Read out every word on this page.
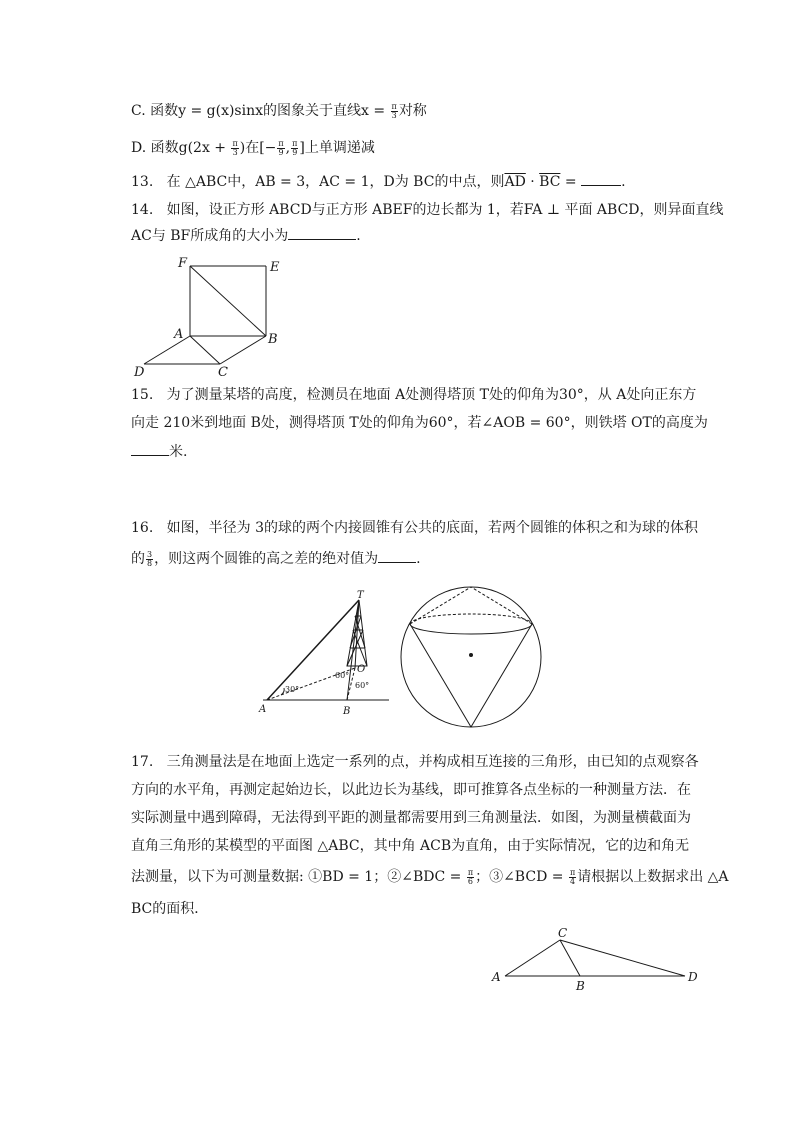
C. 函数y = g(x)sinx的图象关于直线$x = \frac{\pi}{3}$ 对称
D. 函数$g(2x + \frac{\pi}{3}$ )在[− $\frac{\pi}{9}$ , $\frac{\pi}{9}$ ]上单调递减
13. 在 △ABC中，AB = 3，AC = 1，D为 BC的中点，则$\overline{AD} \cdot \overline{BC}$ =	.
14. 如图，设正方形 ABCD与正方形 ABEF的边长都为 1，若FA ⊥ 平面 ABCD，则异面直线
AC与 BF所成角的大小为	.
F	E
A	B
D	C
15. 为了测量某塔的高度，检测员在地面 A处测得塔顶 T处的仰角为30°，从 A处向正东方
向走 210米到地面 B处，测得塔顶 T处的仰角为60°，若∠AOB = 60°，则铁塔 OT的高度为
米.
16. 如图，半径为 3的球的两个内接圆锥有公共的底面，若两个圆锥的体积之和为球的体积
的 $\frac{3}{8}$ ，则这两个圆锥的高之差的绝对值为	.
T
O
A	B
30°
60°
60°
17. 三角测量法是在地面上选定一系列的点，并构成相互连接的三角形，由已知的点观察各
方向的水平角，再测定起始边长，以此边长为基线，即可推算各点坐标的一种测量方法．在
实际测量中遇到障碍，无法得到平距的测量都需要用到三角测量法．如图，为测量横截面为
直角三角形的某模型的平面图 △ABC，其中角 ACB为直角，由于实际情况，它的边和角无
法测量，以下为可测量数据: ①BD = 1；②∠BDC = $\frac{\pi}{6}$ ；③∠BCD = $\frac{\pi}{4}$ 请根据以上数据求出 △A
BC的面积．
C
A
B
D
